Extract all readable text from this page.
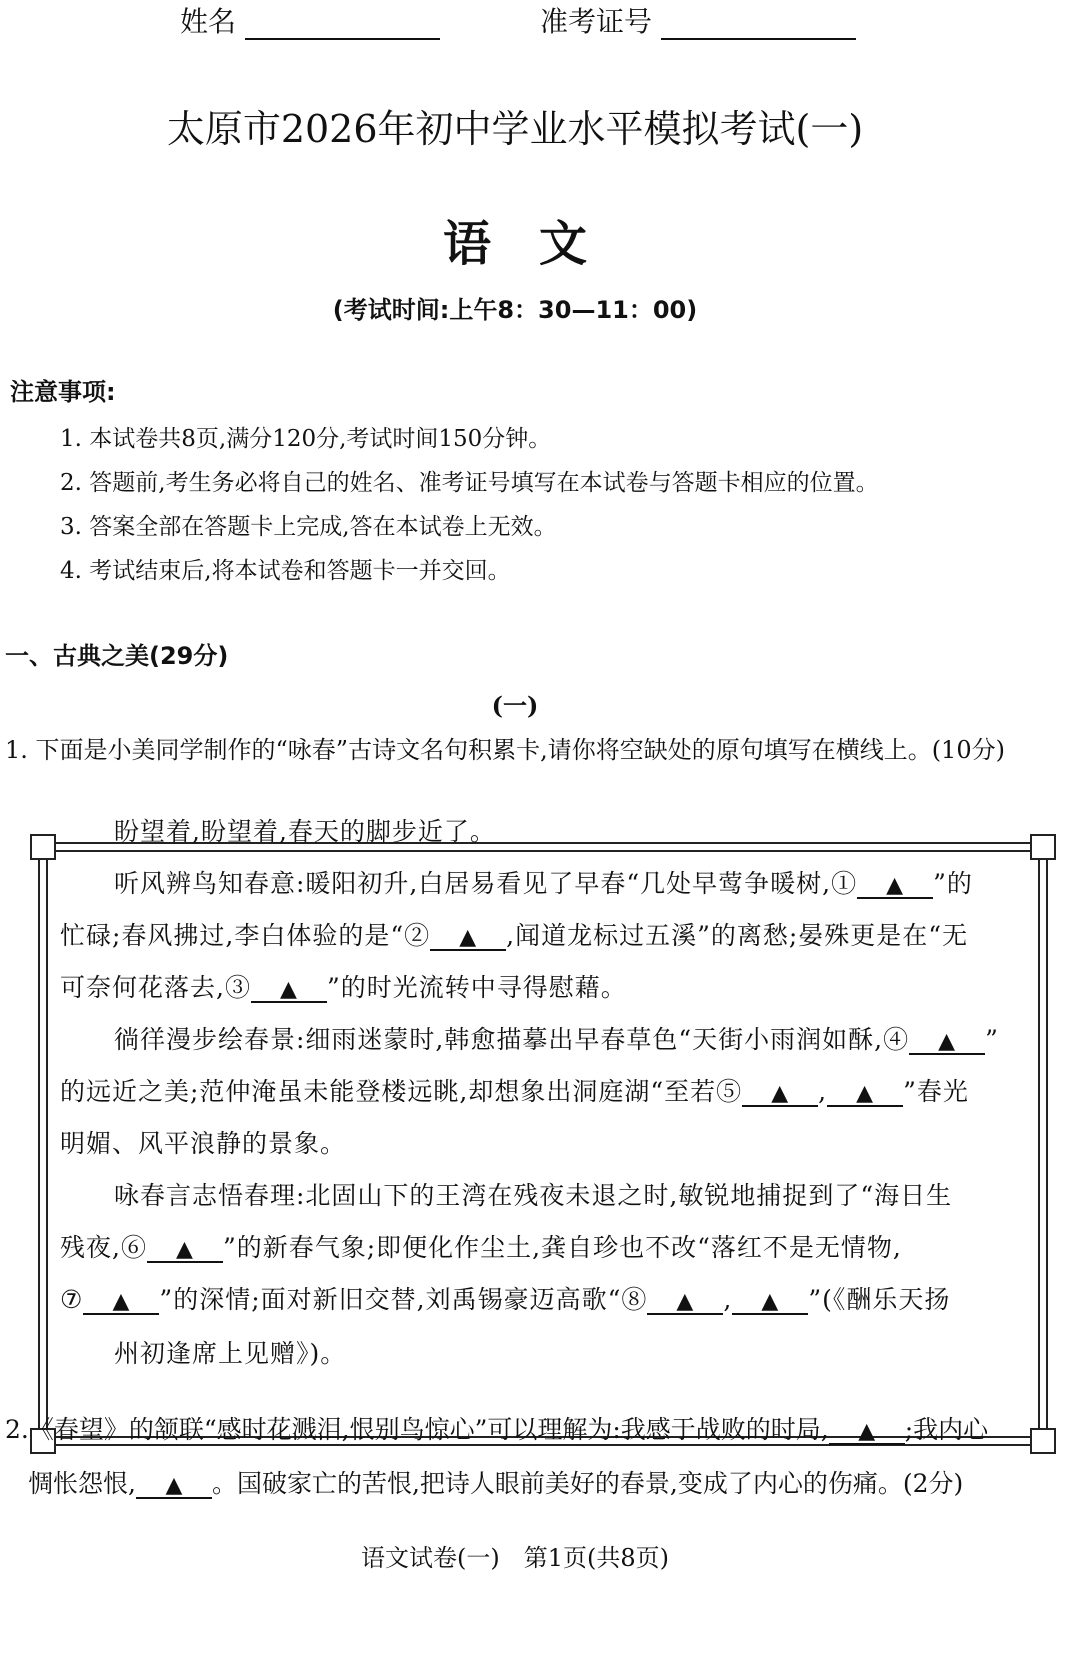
姓名	准考证号
太原市2026年初中学业水平模拟考试(一)
语　文
(考试时间:上午8：30—11：00)
注意事项:
1. 本试卷共8页,满分120分,考试时间150分钟。
2. 答题前,考生务必将自己的姓名、准考证号填写在本试卷与答题卡相应的位置。
3. 答案全部在答题卡上完成,答在本试卷上无效。
4. 考试结束后,将本试卷和答题卡一并交回。
一、古典之美(29分)
(一)
1. 下面是小美同学制作的“咏春”古诗文名句积累卡,请你将空缺处的原句填写在横线上。(10分)
盼望着,盼望着,春天的脚步近了。
听风辨鸟知春意:暖阳初升,白居易看见了早春“几处早莺争暖树,① ▲ ”的
忙碌;春风拂过,李白体验的是“② ▲ ,闻道龙标过五溪”的离愁;晏殊更是在“无
可奈何花落去,③ ▲ ”的时光流转中寻得慰藉。
徜徉漫步绘春景:细雨迷蒙时,韩愈描摹出早春草色“天街小雨润如酥,④ ▲ ”
的远近之美;范仲淹虽未能登楼远眺,却想象出洞庭湖“至若⑤ ▲ , ▲ ”春光
明媚、风平浪静的景象。
咏春言志悟春理:北固山下的王湾在残夜未退之时,敏锐地捕捉到了“海日生
残夜,⑥ ▲ ”的新春气象;即便化作尘土,龚自珍也不改“落红不是无情物,
⑦ ▲ ”的深情;面对新旧交替,刘禹锡豪迈高歌“⑧ ▲ , ▲ ”(《酬乐天扬
州初逢席上见赠》)。
2.《春望》的颔联“感时花溅泪,恨别鸟惊心”可以理解为:我感于战败的时局, ▲ ;我内心
惆怅怨恨, ▲ 。国破家亡的苦恨,把诗人眼前美好的春景,变成了内心的伤痛。(2分)
语文试卷(一)　第1页(共8页)
